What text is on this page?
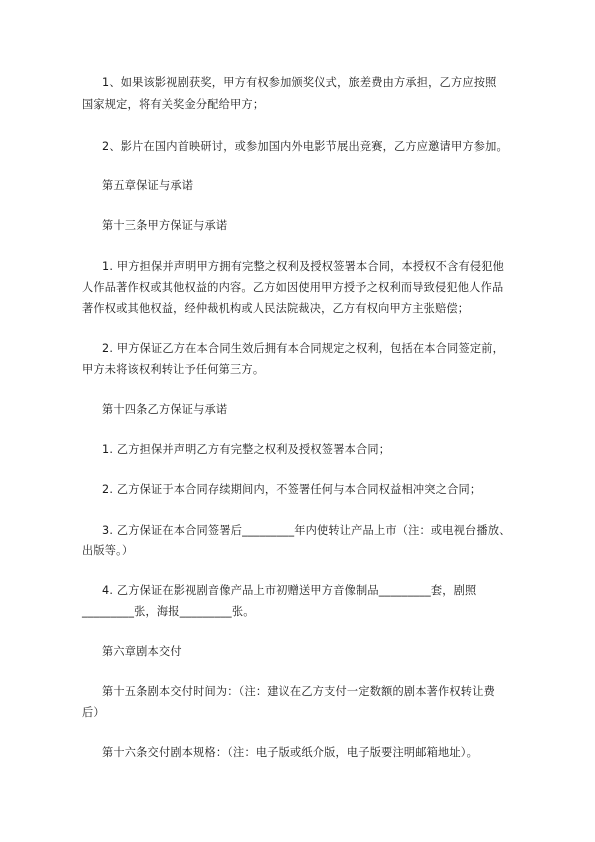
1、如果该影视剧获奖，甲方有权参加颁奖仪式，旅差费由方承担，乙方应按照
国家规定，将有关奖金分配给甲方；
2、影片在国内首映研讨，或参加国内外电影节展出竞赛，乙方应邀请甲方参加。
第五章保证与承诺
第十三条甲方保证与承诺
1. 甲方担保并声明甲方拥有完整之权利及授权签署本合同，本授权不含有侵犯他
人作品著作权或其他权益的内容。乙方如因使用甲方授予之权利而导致侵犯他人作品
著作权或其他权益，经仲裁机构或人民法院裁决，乙方有权向甲方主张赔偿；
2. 甲方保证乙方在本合同生效后拥有本合同规定之权利，包括在本合同签定前，
甲方未将该权利转让予任何第三方。
第十四条乙方保证与承诺
1. 乙方担保并声明乙方有完整之权利及授权签署本合同；
2. 乙方保证于本合同存续期间内，不签署任何与本合同权益相冲突之合同；
3. 乙方保证在本合同签署后_________年内使转让产品上市（注：或电视台播放、
出版等。）
4. 乙方保证在影视剧音像产品上市初赠送甲方音像制品_________套，剧照
_________张，海报_________张。
第六章剧本交付
第十五条剧本交付时间为：（注：建议在乙方支付一定数额的剧本著作权转让费
后）
第十六条交付剧本规格：（注：电子版或纸介版，电子版要注明邮箱地址）。
